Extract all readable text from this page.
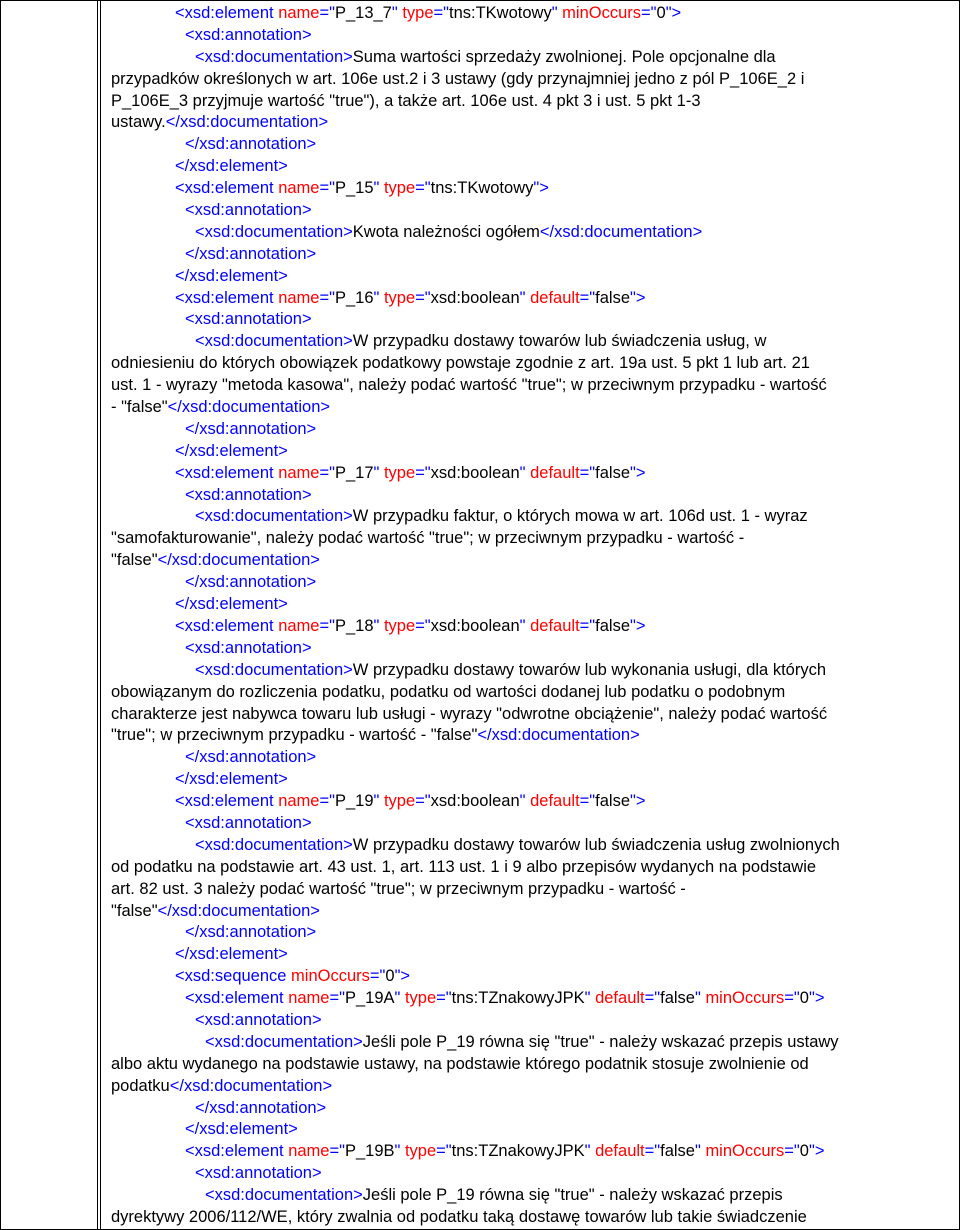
<xsd:element name="P_13_7" type="tns:TKwotowy" minOccurs="0">
<xsd:annotation>
<xsd:documentation>Suma wartości sprzedaży zwolnionej. Pole opcjonalne dla
przypadków określonych w art. 106e ust.2 i 3 ustawy (gdy przynajmniej jedno z pól P_106E_2 i
P_106E_3 przyjmuje wartość "true"), a także art. 106e ust. 4 pkt 3 i ust. 5 pkt 1-3
ustawy.</xsd:documentation>
</xsd:annotation>
</xsd:element>
<xsd:element name="P_15" type="tns:TKwotowy">
<xsd:annotation>
<xsd:documentation>Kwota należności ogółem</xsd:documentation>
</xsd:annotation>
</xsd:element>
<xsd:element name="P_16" type="xsd:boolean" default="false">
<xsd:annotation>
<xsd:documentation>W przypadku dostawy towarów lub świadczenia usług, w
odniesieniu do których obowiązek podatkowy powstaje zgodnie z art. 19a ust. 5 pkt 1 lub art. 21
ust. 1 - wyrazy "metoda kasowa", należy podać wartość "true"; w przeciwnym przypadku - wartość
- "false"</xsd:documentation>
</xsd:annotation>
</xsd:element>
<xsd:element name="P_17" type="xsd:boolean" default="false">
<xsd:annotation>
<xsd:documentation>W przypadku faktur, o których mowa w art. 106d ust. 1 - wyraz
"samofakturowanie", należy podać wartość "true"; w przeciwnym przypadku - wartość -
"false"</xsd:documentation>
</xsd:annotation>
</xsd:element>
<xsd:element name="P_18" type="xsd:boolean" default="false">
<xsd:annotation>
<xsd:documentation>W przypadku dostawy towarów lub wykonania usługi, dla których
obowiązanym do rozliczenia podatku, podatku od wartości dodanej lub podatku o podobnym
charakterze jest nabywca towaru lub usługi - wyrazy "odwrotne obciążenie", należy podać wartość
"true"; w przeciwnym przypadku - wartość - "false"</xsd:documentation>
</xsd:annotation>
</xsd:element>
<xsd:element name="P_19" type="xsd:boolean" default="false">
<xsd:annotation>
<xsd:documentation>W przypadku dostawy towarów lub świadczenia usług zwolnionych
od podatku na podstawie art. 43 ust. 1, art. 113 ust. 1 i 9 albo przepisów wydanych na podstawie
art. 82 ust. 3 należy podać wartość "true"; w przeciwnym przypadku - wartość -
"false"</xsd:documentation>
</xsd:annotation>
</xsd:element>
<xsd:sequence minOccurs="0">
<xsd:element name="P_19A" type="tns:TZnakowyJPK" default="false" minOccurs="0">
<xsd:annotation>
<xsd:documentation>Jeśli pole P_19 równa się "true" - należy wskazać przepis ustawy
albo aktu wydanego na podstawie ustawy, na podstawie którego podatnik stosuje zwolnienie od
podatku</xsd:documentation>
</xsd:annotation>
</xsd:element>
<xsd:element name="P_19B" type="tns:TZnakowyJPK" default="false" minOccurs="0">
<xsd:annotation>
<xsd:documentation>Jeśli pole P_19 równa się "true" - należy wskazać przepis
dyrektywy 2006/112/WE, który zwalnia od podatku taką dostawę towarów lub takie świadczenie
